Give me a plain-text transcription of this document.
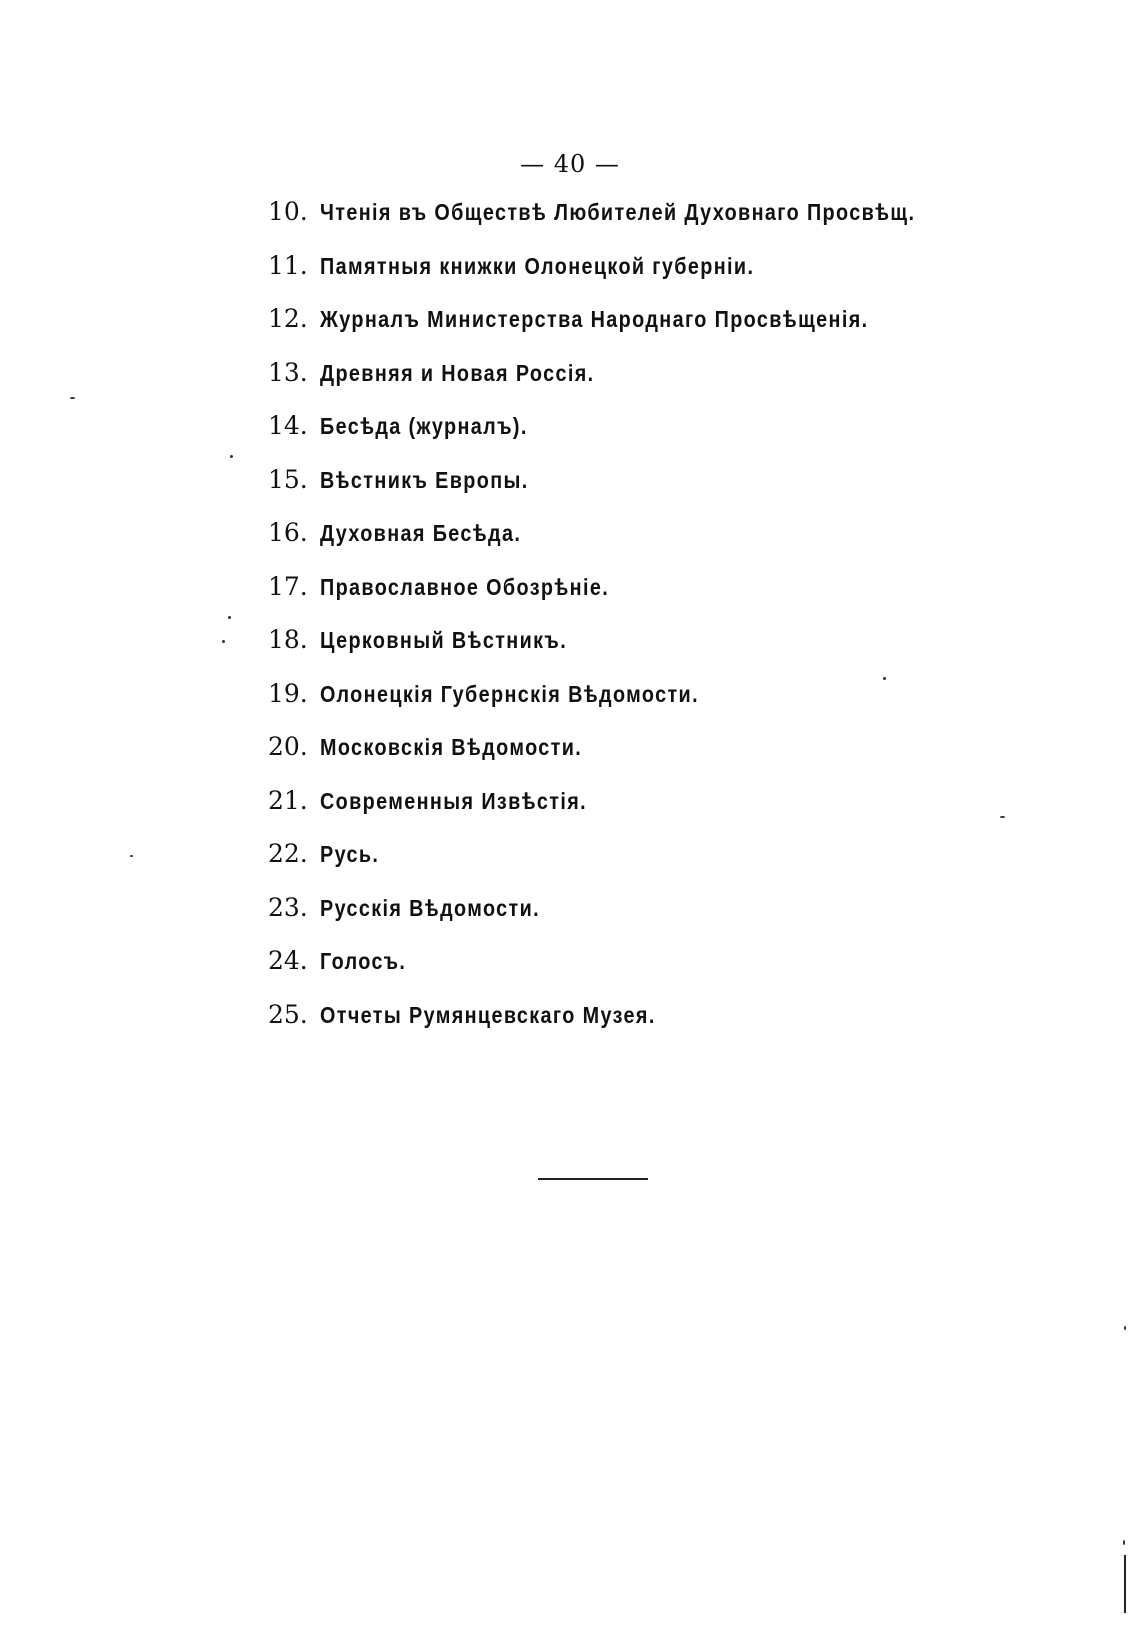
— 40 —
10. Чтенія въ Обществѣ Любителей Духовнаго Просвѣщ.
11. Памятныя книжки Олонецкой губерніи.
12. Журналъ Министерства Народнаго Просвѣщенія.
13. Древняя и Новая Россія.
14. Бесѣда (журналъ).
15. Вѣстникъ Европы.
16. Духовная Бесѣда.
17. Православное Обозрѣніе.
18. Церковный Вѣстникъ.
19. Олонецкія Губернскія Вѣдомости.
20. Московскія Вѣдомости.
21. Современныя Извѣстія.
22. Русь.
23. Русскія Вѣдомости.
24. Голосъ.
25. Отчеты Румянцевскаго Музея.
